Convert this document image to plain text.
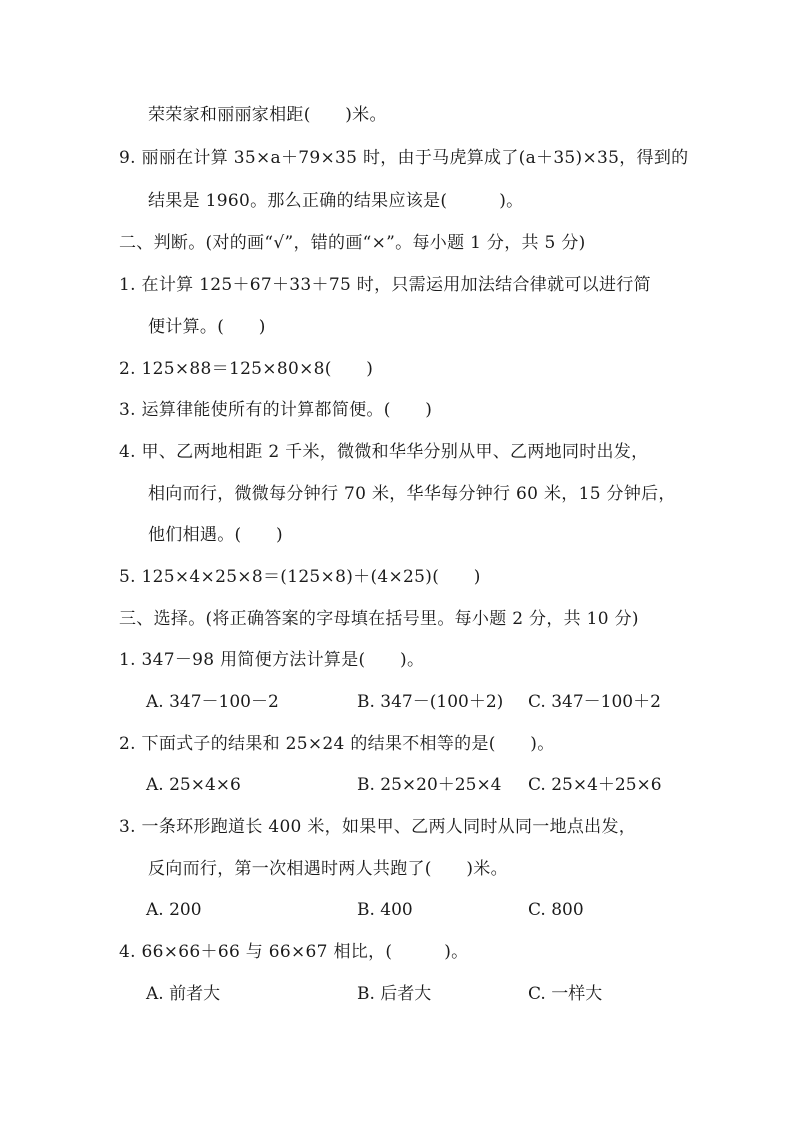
荣荣家和丽丽家相距(　　)米。
9. 丽丽在计算 35×a＋79×35 时，由于马虎算成了(a＋35)×35，得到的
结果是 1960。那么正确的结果应该是(　　　)。
二、判断。(对的画“√”，错的画“×”。每小题 1 分，共 5 分)
1. 在计算 125＋67＋33＋75 时，只需运用加法结合律就可以进行简
便计算。(　　)
2. 125×88＝125×80×8(　　)
3. 运算律能使所有的计算都简便。(　　)
4. 甲、乙两地相距 2 千米，微微和华华分别从甲、乙两地同时出发，
相向而行，微微每分钟行 70 米，华华每分钟行 60 米，15 分钟后，
他们相遇。(　　)
5. 125×4×25×8＝(125×8)＋(4×25)(　　)
三、选择。(将正确答案的字母填在括号里。每小题 2 分，共 10 分)
1. 347－98 用简便方法计算是(　　)。
A. 347－100－2	B. 347－(100＋2) C. 347－100＋2
2. 下面式子的结果和 25×24 的结果不相等的是(　　)。
A. 25×4×6	B. 25×20＋25×4 C. 25×4＋25×6
3. 一条环形跑道长 400 米，如果甲、乙两人同时从同一地点出发，
反向而行，第一次相遇时两人共跑了(　　)米。
A. 200	B. 400	C. 800
4. 66×66＋66 与 66×67 相比，(　　　)。
A. 前者大	B. 后者大	C. 一样大
